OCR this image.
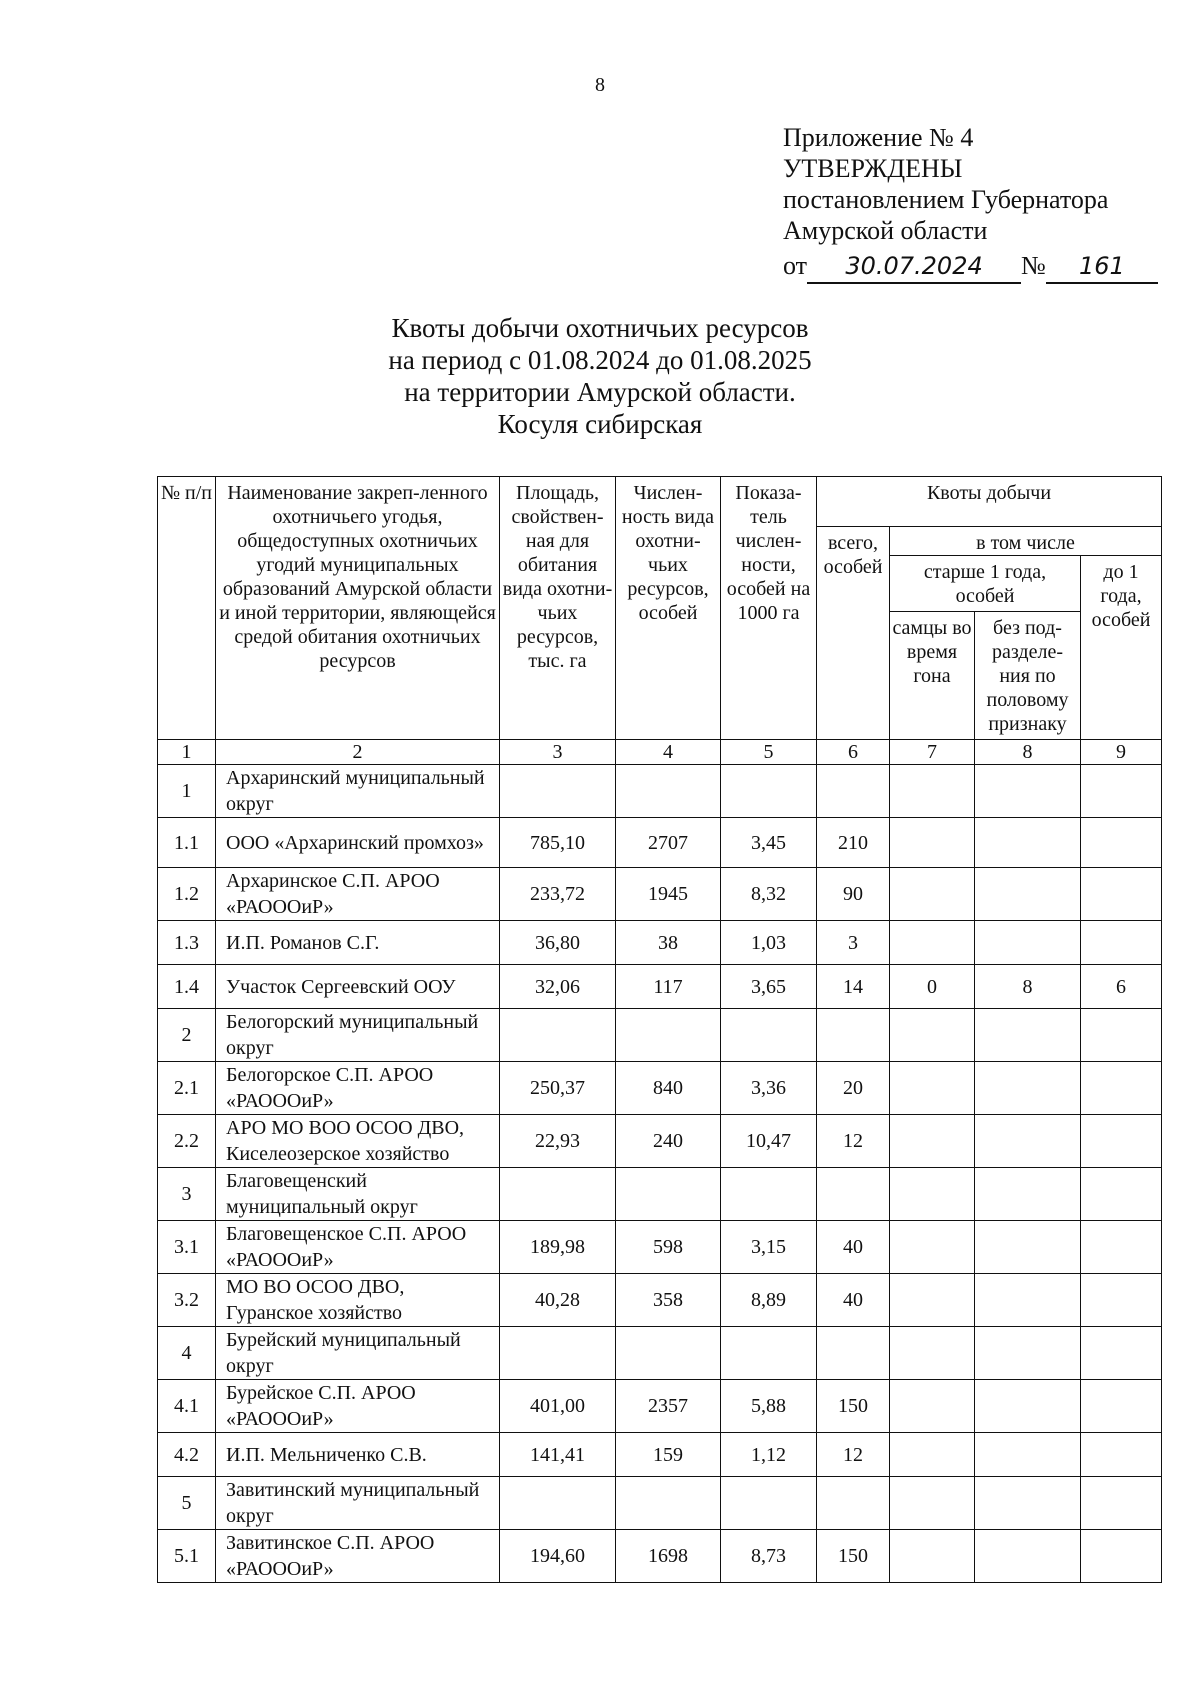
8
Приложение № 4
УТВЕРЖДЕНЫ
постановлением Губернатора
Амурской области
от 30.07.2024 № 161
Квоты добычи охотничьих ресурсов
на период с 01.08.2024 до 01.08.2025
на территории Амурской области.
Косуля сибирская
№ п/п	Наименование закреп-ленного охотничьего угодья, общедоступных охотничьих угодий муниципальных образований Амурской области и иной территории, являющейся средой обитания охотничьих ресурсов	Площадь, свойствен-ная для обитания вида охотни-чьих ресурсов, тыс. га	Числен-ность вида охотни-чьих ресурсов, особей	Показа-тель числен-ности, особей на 1000 га	Квоты добычи			
					всего, особей	в том числе		
						старше 1 года, особей		до 1 года, особей
						самцы во время гона	без под-разделе-ния по половому признаку	
1	2	3	4	5	6	7	8	9
1	Архаринский муниципальный округ							
1.1	ООО «Архаринский промхоз»	785,10	2707	3,45	210			
1.2	Архаринское С.П. АРОО «РАОООиР»	233,72	1945	8,32	90			
1.3	И.П. Романов С.Г.	36,80	38	1,03	3			
1.4	Участок Сергеевский ООУ	32,06	117	3,65	14	0	8	6
2	Белогорский муниципальный округ							
2.1	Белогорское С.П. АРОО «РАОООиР»	250,37	840	3,36	20			
2.2	АРО МО ВОО ОСОО ДВО, Киселеозерское хозяйство	22,93	240	10,47	12			
3	Благовещенский муниципальный округ							
3.1	Благовещенское С.П. АРОО «РАОООиР»	189,98	598	3,15	40			
3.2	МО ВО ОСОО ДВО, Гуранское хозяйство	40,28	358	8,89	40			
4	Бурейский муниципальный округ							
4.1	Бурейское С.П. АРОО «РАОООиР»	401,00	2357	5,88	150			
4.2	И.П. Мельниченко С.В.	141,41	159	1,12	12			
5	Завитинский муниципальный округ							
5.1	Завитинское С.П. АРОО «РАОООиР»	194,60	1698	8,73	150			
